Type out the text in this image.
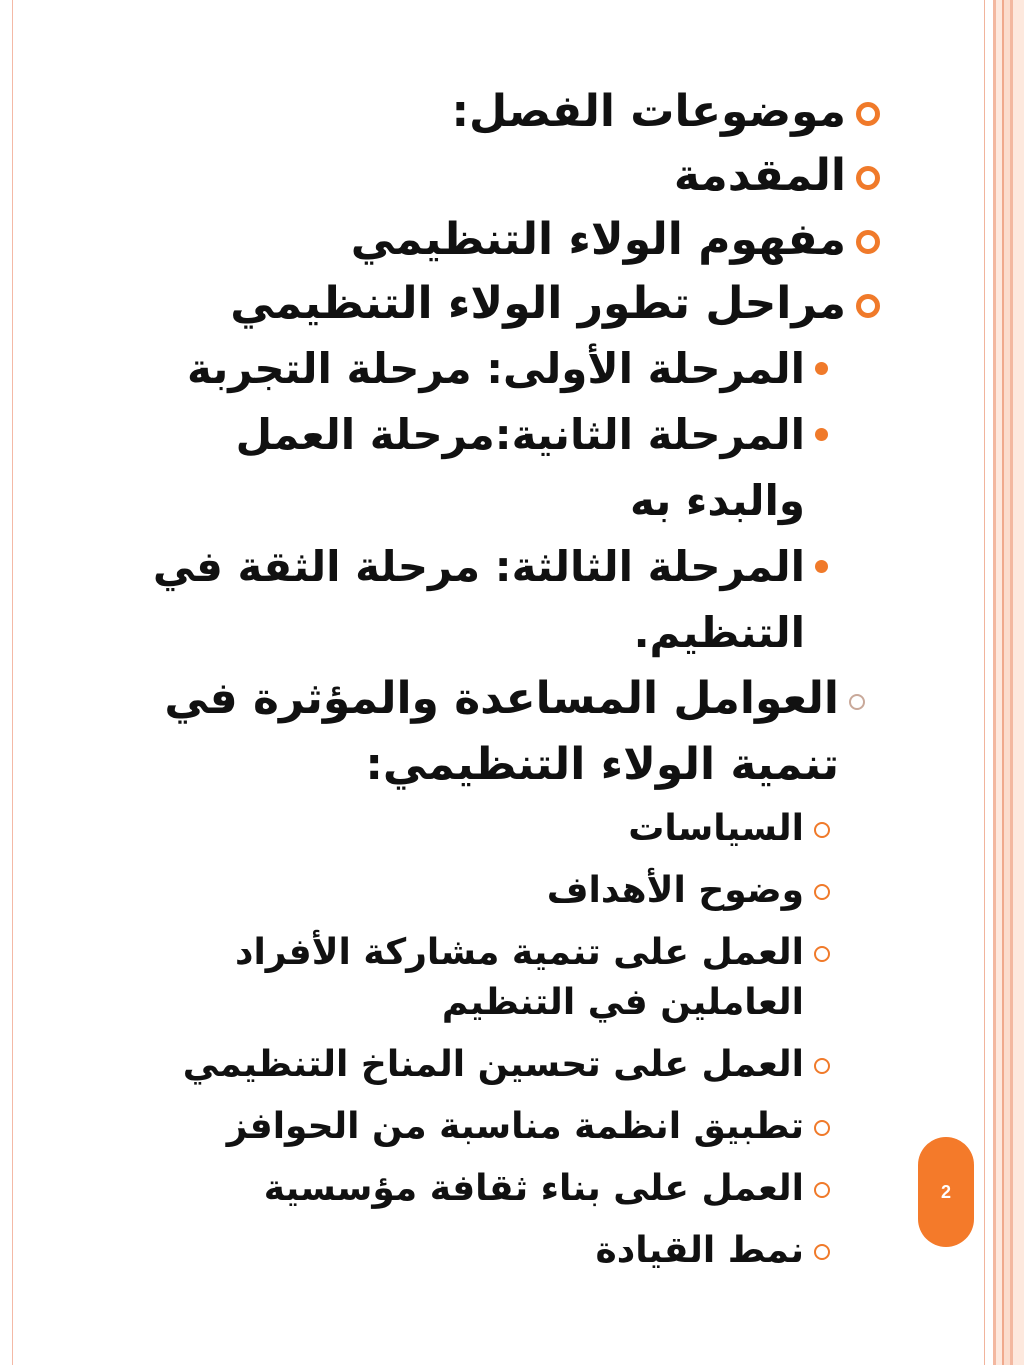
موضوعات الفصل:
المقدمة
مفهوم الولاء التنظيمي
مراحل تطور الولاء التنظيمي
المرحلة الأولى: مرحلة التجربة
المرحلة الثانية:مرحلة العمل والبدء به
المرحلة الثالثة: مرحلة الثقة في التنظيم.
العوامل المساعدة والمؤثرة في تنمية الولاء التنظيمي:
السياسات
وضوح الأهداف
العمل على تنمية مشاركة الأفراد العاملين في التنظيم
العمل على تحسين المناخ التنظيمي
تطبيق انظمة مناسبة من الحوافز
العمل على بناء ثقافة مؤسسية
نمط القيادة
2
